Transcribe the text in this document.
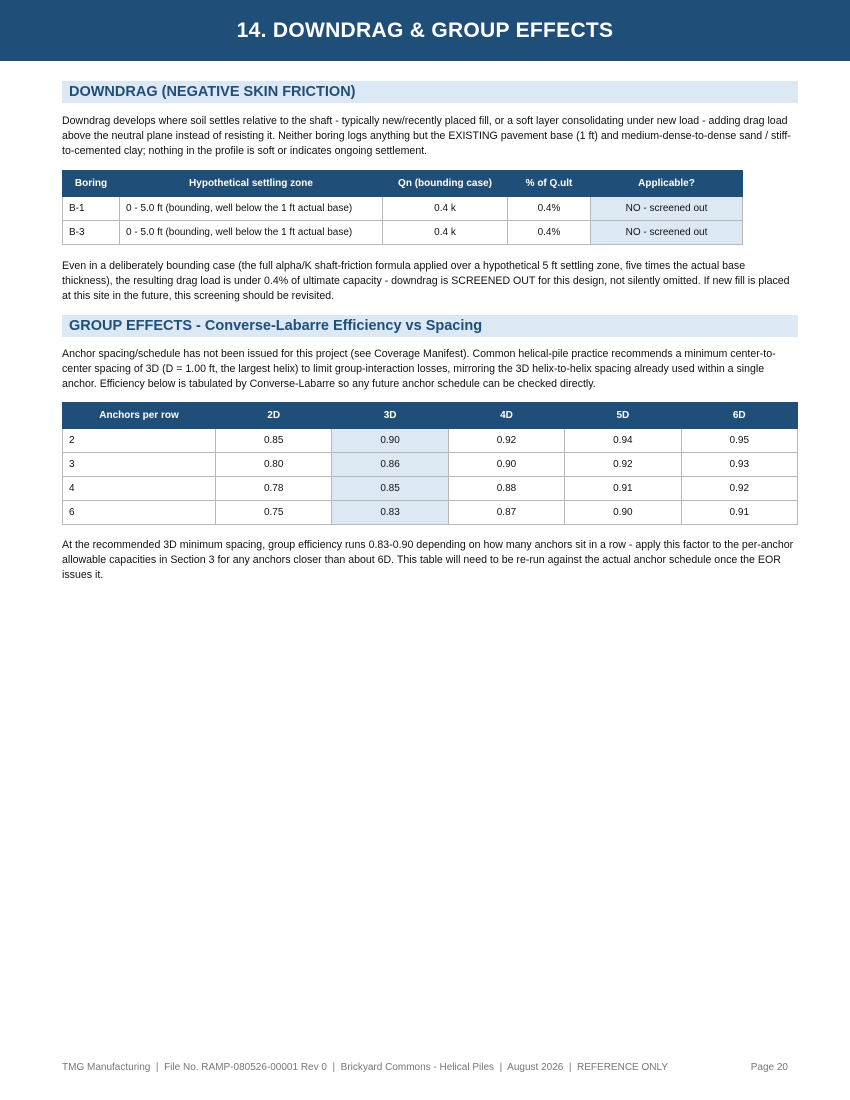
14. DOWNDRAG & GROUP EFFECTS
DOWNDRAG (NEGATIVE SKIN FRICTION)

Downdrag develops where soil settles relative to the shaft - typically new/recently placed fill, or a soft layer consolidating under new load - adding drag load above the neutral plane instead of resisting it. Neither boring logs anything but the EXISTING pavement base (1 ft) and medium-dense-to-dense sand / stiff-to-cemented clay; nothing in the profile is soft or indicates ongoing settlement.

Boring	Hypothetical settling zone	Qn (bounding case)	% of Q.ult	Applicable?
B-1	0 - 5.0 ft (bounding, well below the 1 ft actual base)	0.4 k	0.4%	NO - screened out
B-3	0 - 5.0 ft (bounding, well below the 1 ft actual base)	0.4 k	0.4%	NO - screened out

Even in a deliberately bounding case (the full alpha/K shaft-friction formula applied over a hypothetical 5 ft settling zone, five times the actual base thickness), the resulting drag load is under 0.4% of ultimate capacity - downdrag is SCREENED OUT for this design, not silently omitted. If new fill is placed at this site in the future, this screening should be revisited.

GROUP EFFECTS - Converse-Labarre Efficiency vs Spacing

Anchor spacing/schedule has not been issued for this project (see Coverage Manifest). Common helical-pile practice recommends a minimum center-to-center spacing of 3D (D = 1.00 ft, the largest helix) to limit group-interaction losses, mirroring the 3D helix-to-helix spacing already used within a single anchor. Efficiency below is tabulated by Converse-Labarre so any future anchor schedule can be checked directly.

Anchors per row	2D	3D	4D	5D	6D
2	0.85	0.90	0.92	0.94	0.95
3	0.80	0.86	0.90	0.92	0.93
4	0.78	0.85	0.88	0.91	0.92
6	0.75	0.83	0.87	0.90	0.91

At the recommended 3D minimum spacing, group efficiency runs 0.83-0.90 depending on how many anchors sit in a row - apply this factor to the per-anchor allowable capacities in Section 3 for any anchors closer than about 6D. This table will need to be re-run against the actual anchor schedule once the EOR issues it.

TMG Manufacturing  |  File No. RAMP-080526-00001 Rev 0  |  Brickyard Commons - Helical Piles  |  August 2026  |  REFERENCE ONLY	Page 20
